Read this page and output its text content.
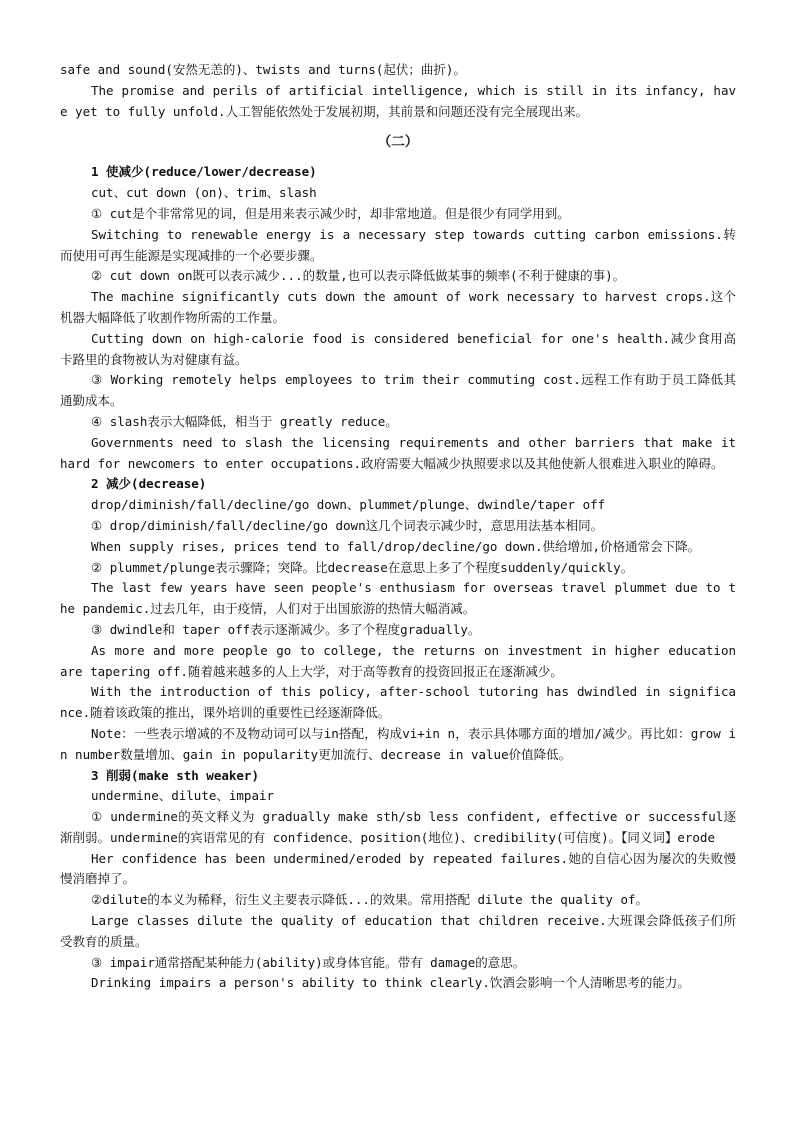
safe and sound(安然无恙的)、twists and turns(起伏；曲折)。

The promise and perils of artificial intelligence, which is still in its infancy, have yet to fully unfold.人工智能依然处于发展初期，其前景和问题还没有完全展现出来。

（二）

1 使减少(reduce/lower/decrease)

cut、cut down (on)、trim、slash

① cut是个非常常见的词，但是用来表示减少时，却非常地道。但是很少有同学用到。

Switching to renewable energy is a necessary step towards cutting carbon emissions.转而使用可再生能源是实现减排的一个必要步骤。

② cut down on既可以表示减少...的数量,也可以表示降低做某事的频率(不利于健康的事)。

The machine significantly cuts down the amount of work necessary to harvest crops.这个机器大幅降低了收割作物所需的工作量。

Cutting down on high-calorie food is considered beneficial for one's health.减少食用高卡路里的食物被认为对健康有益。

③ Working remotely helps employees to trim their commuting cost.远程工作有助于员工降低其通勤成本。

④ slash表示大幅降低，相当于 greatly reduce。

Governments need to slash the licensing requirements and other barriers that make it hard for newcomers to enter occupations.政府需要大幅减少执照要求以及其他使新人很难进入职业的障碍。

2 减少(decrease)

drop/diminish/fall/decline/go down、plummet/plunge、dwindle/taper off

① drop/diminish/fall/decline/go down这几个词表示减少时，意思用法基本相同。

When supply rises, prices tend to fall/drop/decline/go down.供给增加,价格通常会下降。

② plummet/plunge表示骤降；突降。比decrease在意思上多了个程度suddenly/quickly。

The last few years have seen people's enthusiasm for overseas travel plummet due to the pandemic.过去几年，由于疫情，人们对于出国旅游的热情大幅消减。

③ dwindle和 taper off表示逐渐减少。多了个程度gradually。

As more and more people go to college, the returns on investment in higher education are tapering off.随着越来越多的人上大学，对于高等教育的投资回报正在逐渐减少。

With the introduction of this policy, after-school tutoring has dwindled in significance.随着该政策的推出，课外培训的重要性已经逐渐降低。

Note：一些表示增减的不及物动词可以与in搭配，构成vi+in n，表示具体哪方面的增加/减少。再比如：grow in number数量增加、gain in popularity更加流行、decrease in value价值降低。

3 削弱(make sth weaker)

undermine、dilute、impair

① undermine的英文释义为 gradually make sth/sb less confident, effective or successful逐渐削弱。undermine的宾语常见的有 confidence、position(地位)、credibility(可信度)。【同义词】erode

Her confidence has been undermined/eroded by repeated failures.她的自信心因为屡次的失败慢慢消磨掉了。

②dilute的本义为稀释，衍生义主要表示降低...的效果。常用搭配 dilute the quality of。

Large classes dilute the quality of education that children receive.大班课会降低孩子们所受教育的质量。

③ impair通常搭配某种能力(ability)或身体官能。带有 damage的意思。

Drinking impairs a person's ability to think clearly.饮酒会影响一个人清晰思考的能力。
